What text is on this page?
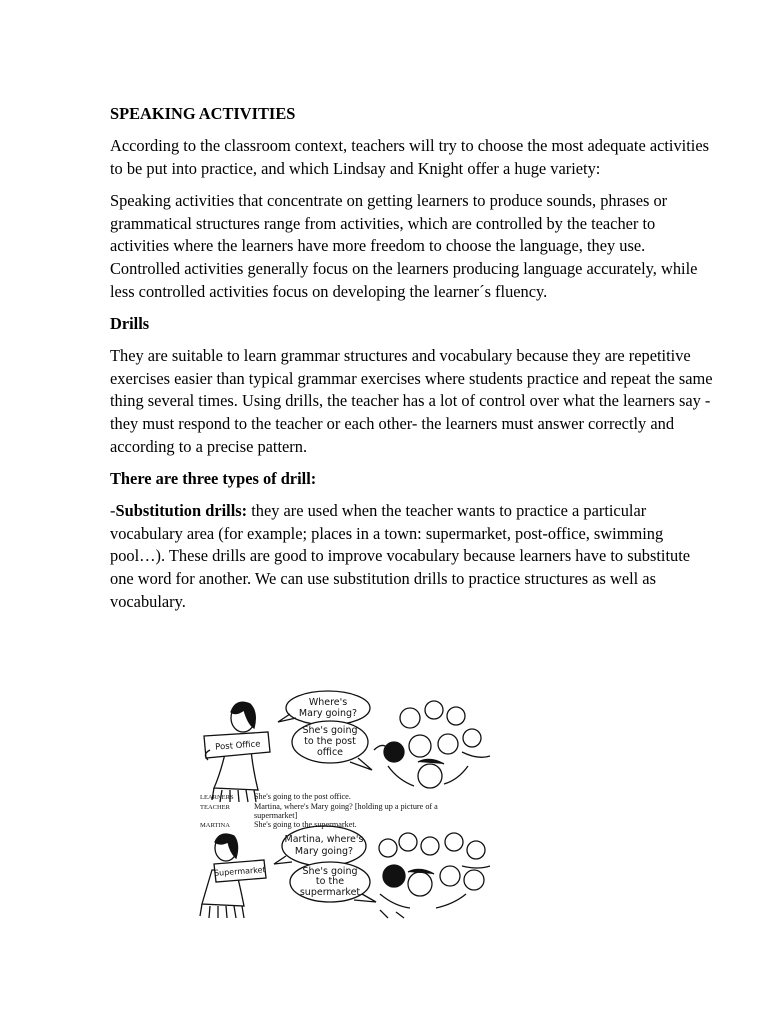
SPEAKING ACTIVITIES

According to the classroom context, teachers will try to choose the most adequate activities to be put into practice, and which Lindsay and Knight offer a huge variety:

Speaking activities that concentrate on getting learners to produce sounds, phrases or grammatical structures range from activities, which are controlled by the teacher to activities where the learners have more freedom to choose the language, they use. Controlled activities generally focus on the learners producing language accurately, while less controlled activities focus on developing the learner´s fluency.

Drills

They are suitable to learn grammar structures and vocabulary because they are repetitive exercises easier than typical grammar exercises where students practice and repeat the same thing several times. Using drills, the teacher has a lot of control over what the learners say - they must respond to the teacher or each other- the learners must answer correctly and according to a precise pattern.

There are three types of drill:

-Substitution drills: they are used when the teacher wants to practice a particular vocabulary area (for example; places in a town: supermarket, post-office, swimming pool…). These drills are good to improve vocabulary because learners have to substitute one word for another. We can use substitution drills to practice structures as well as vocabulary.

Where's
Mary going?
She's going
to the post
office
Post Office
Martina, where's
Mary going?
She's going
to the
supermarket
Supermarket
LEARNERS She's going to the post office.
TEACHER	Martina, where's Mary going? [holding up a picture of a
supermarket]
MARTINA	She's going to the supermarket.
